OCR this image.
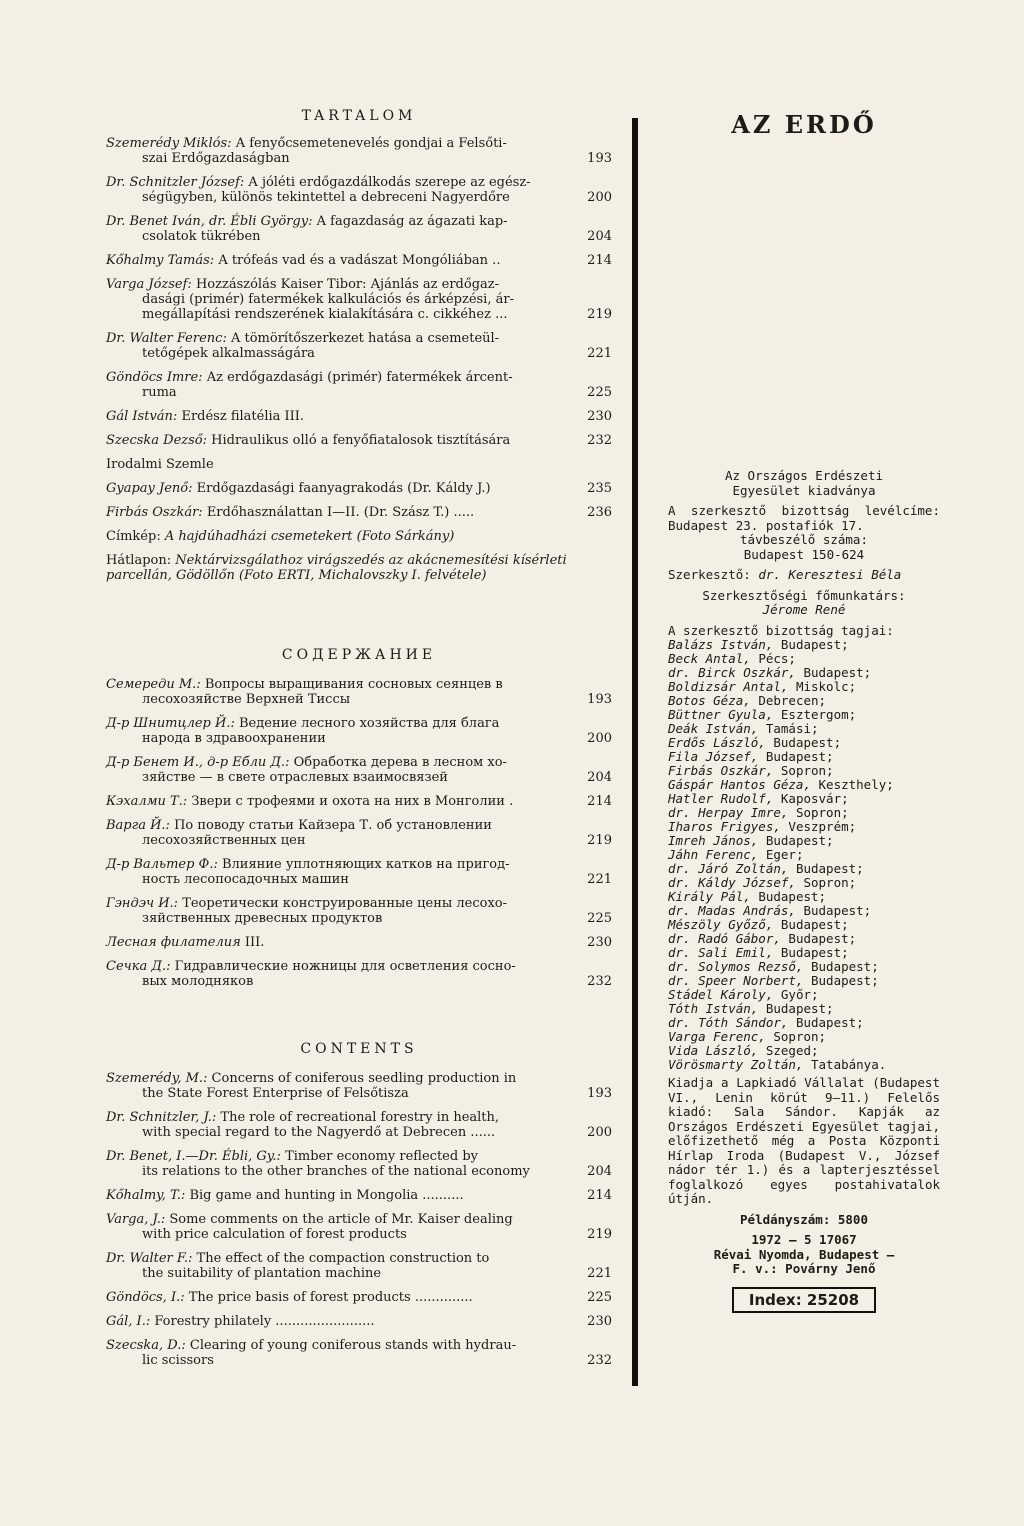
TARTALOM
Szemerédy Miklós: A fenyőcsemetenevelés gondjai a Felsőti-
szai Erdőgazdaságban	193
Dr. Schnitzler József: A jóléti erdőgazdálkodás szerepe az egész-
ségügyben, különös tekintettel a debreceni Nagyerdőre	200
Dr. Benet Iván, dr. Ébli György: A fagazdaság az ágazati kap-
csolatok tükrében	204
Kőhalmy Tamás: A trófeás vad és a vadászat Mongóliában ..	214
Varga József: Hozzászólás Kaiser Tibor: Ajánlás az erdőgaz-
dasági (primér) fatermékek kalkulációs és árképzési, ár-
megállapítási rendszerének kialakítására c. cikkéhez ...	219
Dr. Walter Ferenc: A tömörítőszerkezet hatása a csemeteül-
tetőgépek alkalmasságára	221
Göndöcs Imre: Az erdőgazdasági (primér) fatermékek árcent-
ruma	225
Gál István: Erdész filatélia III.	230
Szecska Dezső: Hidraulikus olló a fenyőfiatalosok tisztítására	232
Irodalmi Szemle
Gyapay Jenő: Erdőgazdasági faanyagrakodás (Dr. Káldy J.)	235
Firbás Oszkár: Erdőhasználattan I—II. (Dr. Szász T.) .....	236
Címkép: A hajdúhadházi csemetekert (Foto Sárkány)
Hátlapon: Nektárvizsgálathoz virágszedés az akácnemesítési kísérleti parcellán, Gödöllőn (Foto ERTI, Michalovszky I. felvétele)
СОДЕРЖАНИЕ
Семереди М.: Вопросы выращивания сосновых сеянцев в
лесохозяйстве Верхней Тиссы	193
Д-р Шнитцлер Й.: Ведение лесного хозяйства для блага
народа в здравоохранении	200
Д-р Бенет И., д-р Ебли Д.: Обработка дерева в лесном хо-
зяйстве — в свете отраслевых взаимосвязей	204
Кэхалми Т.: Звери с трофеями и охота на них в Монголии .	214
Варга Й.: По поводу статьи Кайзера Т. об установлении
лесохозяйственных цен	219
Д-р Вальтер Ф.: Влияние уплотняющих катков на пригод-
ность лесопосадочных машин	221
Гэндэч И.: Теоретически конструированные цены лесохо-
зяйственных древесных продуктов	225
Лесная филателия III.	230
Сечка Д.: Гидравлические ножницы для осветления сосно-
вых молодняков	232
CONTENTS
Szemerédy, M.: Concerns of coniferous seedling production in
the State Forest Enterprise of Felsőtisza	193
Dr. Schnitzler, J.: The role of recreational forestry in health,
with special regard to the Nagyerdő at Debrecen ......	200
Dr. Benet, I.—Dr. Ébli, Gy.: Timber economy reflected by
its relations to the other branches of the national economy	204
Kőhalmy, T.: Big game and hunting in Mongolia ..........	214
Varga, J.: Some comments on the article of Mr. Kaiser dealing
with price calculation of forest products	219
Dr. Walter F.: The effect of the compaction construction to
the suitability of plantation machine	221
Göndöcs, I.: The price basis of forest products ..............	225
Gál, I.: Forestry philately ........................	230
Szecska, D.: Clearing of young coniferous stands with hydrau-
lic scissors	232
AZ ERDŐ
Az Országos Erdészeti
Egyesület kiadványa
A szerkesztő bizottság levélcíme: Budapest 23. postafiók 17.
távbeszélő száma:
Budapest 150-624
Szerkesztő: dr. Keresztesi Béla
Szerkesztőségi főmunkatárs:
Jérome René
A szerkesztő bizottság tagjai:
Balázs István, Budapest;
Beck Antal, Pécs;
dr. Birck Oszkár, Budapest;
Boldizsár Antal, Miskolc;
Botos Géza, Debrecen;
Büttner Gyula, Esztergom;
Deák István, Tamási;
Erdős László, Budapest;
Fila József, Budapest;
Firbás Oszkár, Sopron;
Gáspár Hantos Géza, Keszthely;
Hatler Rudolf, Kaposvár;
dr. Herpay Imre, Sopron;
Iharos Frigyes, Veszprém;
Imreh János, Budapest;
Jáhn Ferenc, Eger;
dr. Járó Zoltán, Budapest;
dr. Káldy József, Sopron;
Király Pál, Budapest;
dr. Madas András, Budapest;
Mészöly Győző, Budapest;
dr. Radó Gábor, Budapest;
dr. Sali Emil, Budapest;
dr. Solymos Rezső, Budapest;
dr. Speer Norbert, Budapest;
Stádel Károly, Győr;
Tóth István, Budapest;
dr. Tóth Sándor, Budapest;
Varga Ferenc, Sopron;
Vida László, Szeged;
Vörösmarty Zoltán, Tatabánya.
Kiadja a Lapkiadó Vállalat (Budapest VI., Lenin körút 9—11.) Felelős kiadó: Sala Sándor. Kapják az Országos Erdészeti Egyesület tagjai, előfizethető még a Posta Központi Hírlap Iroda (Budapest V., József nádor tér 1.) és a lapterjesztéssel foglalkozó egyes postahivatalok útján.
Példányszám: 5800
1972 — 5 17067
Révai Nyomda, Budapest —
F. v.: Povárny Jenő
Index: 25208
